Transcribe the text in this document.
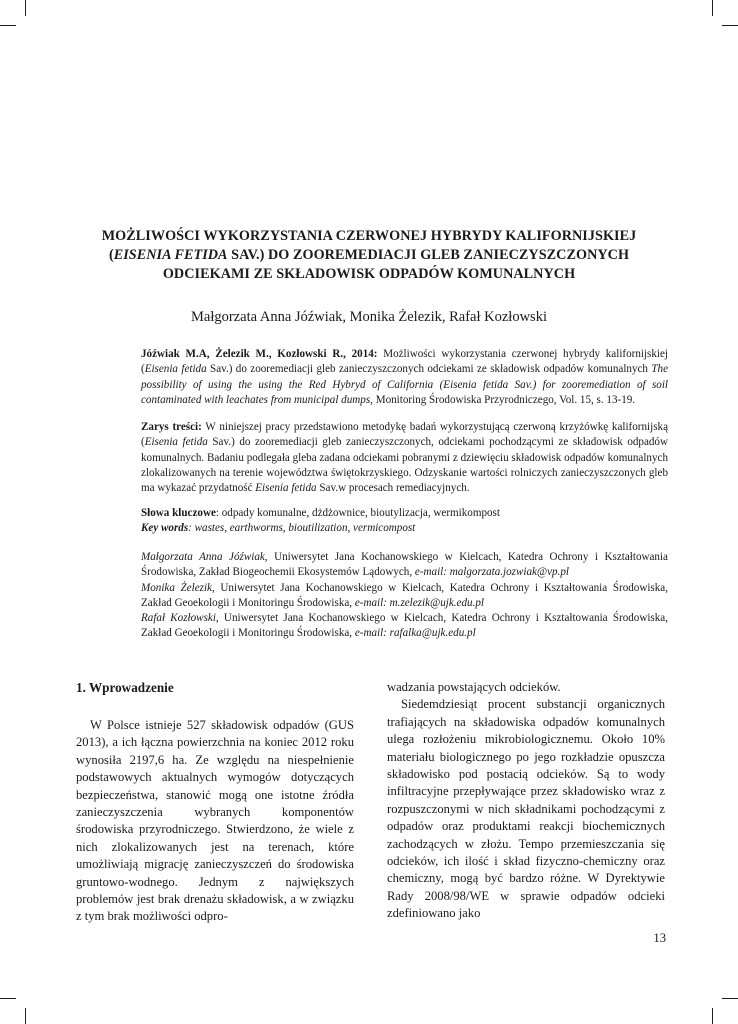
MOŻLIWOŚCI WYKORZYSTANIA CZERWONEJ HYBRYDY KALIFORNIJSKIEJ
(EISENIA FETIDA SAV.) DO ZOOREMEDIACJI GLEB ZANIECZYSZCZONYCH
ODCIEKAMI ZE SKŁADOWISK ODPADÓW KOMUNALNYCH

Małgorzata Anna Jóźwiak, Monika Żelezik, Rafał Kozłowski

Jóźwiak M.A, Żelezik M., Kozłowski R., 2014: Możliwości wykorzystania czerwonej hybrydy kalifornijskiej (Eisenia fetida Sav.) do zooremediacji gleb zanieczyszczonych odciekami ze składowisk odpadów komunalnych The possibility of using the using the Red Hybryd of California (Eisenia fetida Sav.) for zooremediation of soil contaminated with leachates from municipal dumps, Monitoring Środowiska Przyrodniczego, Vol. 15, s. 13-19.

Zarys treści: W niniejszej pracy przedstawiono metodykę badań wykorzystującą czerwoną krzyżówkę kalifornijską (Eisenia fetida Sav.) do zooremediacji gleb zanieczyszczonych, odciekami pochodzącymi ze składowisk odpadów komunalnych. Badaniu podlegała gleba zadana odciekami pobranymi z dziewięciu składowisk odpadów komunalnych zlokalizowanych na terenie województwa świętokrzyskiego. Odzyskanie wartości rolniczych zanieczyszczonych gleb ma wykazać przydatność Eisenia fetida Sav.w procesach remediacyjnych.

Słowa kluczowe: odpady komunalne, dżdżownice, bioutylizacja, wermikompost

Key words: wastes, earthworms, bioutilization, vermicompost

Małgorzata Anna Jóźwiak, Uniwersytet Jana Kochanowskiego w Kielcach, Katedra Ochrony i Kształtowania Środowiska, Zakład Biogeochemii Ekosystemów Lądowych, e-mail: malgorzata.jozwiak@vp.pl

Monika Żelezik, Uniwersytet Jana Kochanowskiego w Kielcach, Katedra Ochrony i Kształtowania Środowiska, Zakład Geoekologii i Monitoringu Środowiska, e-mail: m.zelezik@ujk.edu.pl

Rafał Kozłowski, Uniwersytet Jana Kochanowskiego w Kielcach, Katedra Ochrony i Kształtowania Środowiska, Zakład Geoekologii i Monitoringu Środowiska, e-mail: rafalka@ujk.edu.pl

1. Wprowadzenie

W Polsce istnieje 527 składowisk odpadów (GUS 2013), a ich łączna powierzchnia na koniec 2012 roku wynosiła 2197,6 ha. Ze względu na niespełnienie podstawowych aktualnych wymogów dotyczących bezpieczeństwa, stanowić mogą one istotne źródła zanieczyszczenia wybranych komponentów środowiska przyrodniczego. Stwierdzono, że wiele z nich zlokalizowanych jest na terenach, które umożliwiają migrację zanieczyszczeń do środowiska gruntowo-wodnego. Jednym z największych problemów jest brak drenażu składowisk, a w związku z tym brak możliwości odpro-

wadzania powstających odcieków.

Siedemdziesiąt procent substancji organicznych trafiających na składowiska odpadów komunalnych ulega rozłożeniu mikrobiologicznemu. Około 10% materiału biologicznego po jego rozkładzie opuszcza składowisko pod postacią odcieków. Są to wody infiltracyjne przepływające przez składowisko wraz z rozpuszczonymi w nich składnikami pochodzącymi z odpadów oraz produktami reakcji biochemicznych zachodzących w złożu. Tempo przemieszczania się odcieków, ich ilość i skład fizyczno-chemiczny oraz chemiczny, mogą być bardzo różne. W Dyrektywie Rady 2008/98/WE w sprawie odpadów odcieki zdefiniowano jako

13
